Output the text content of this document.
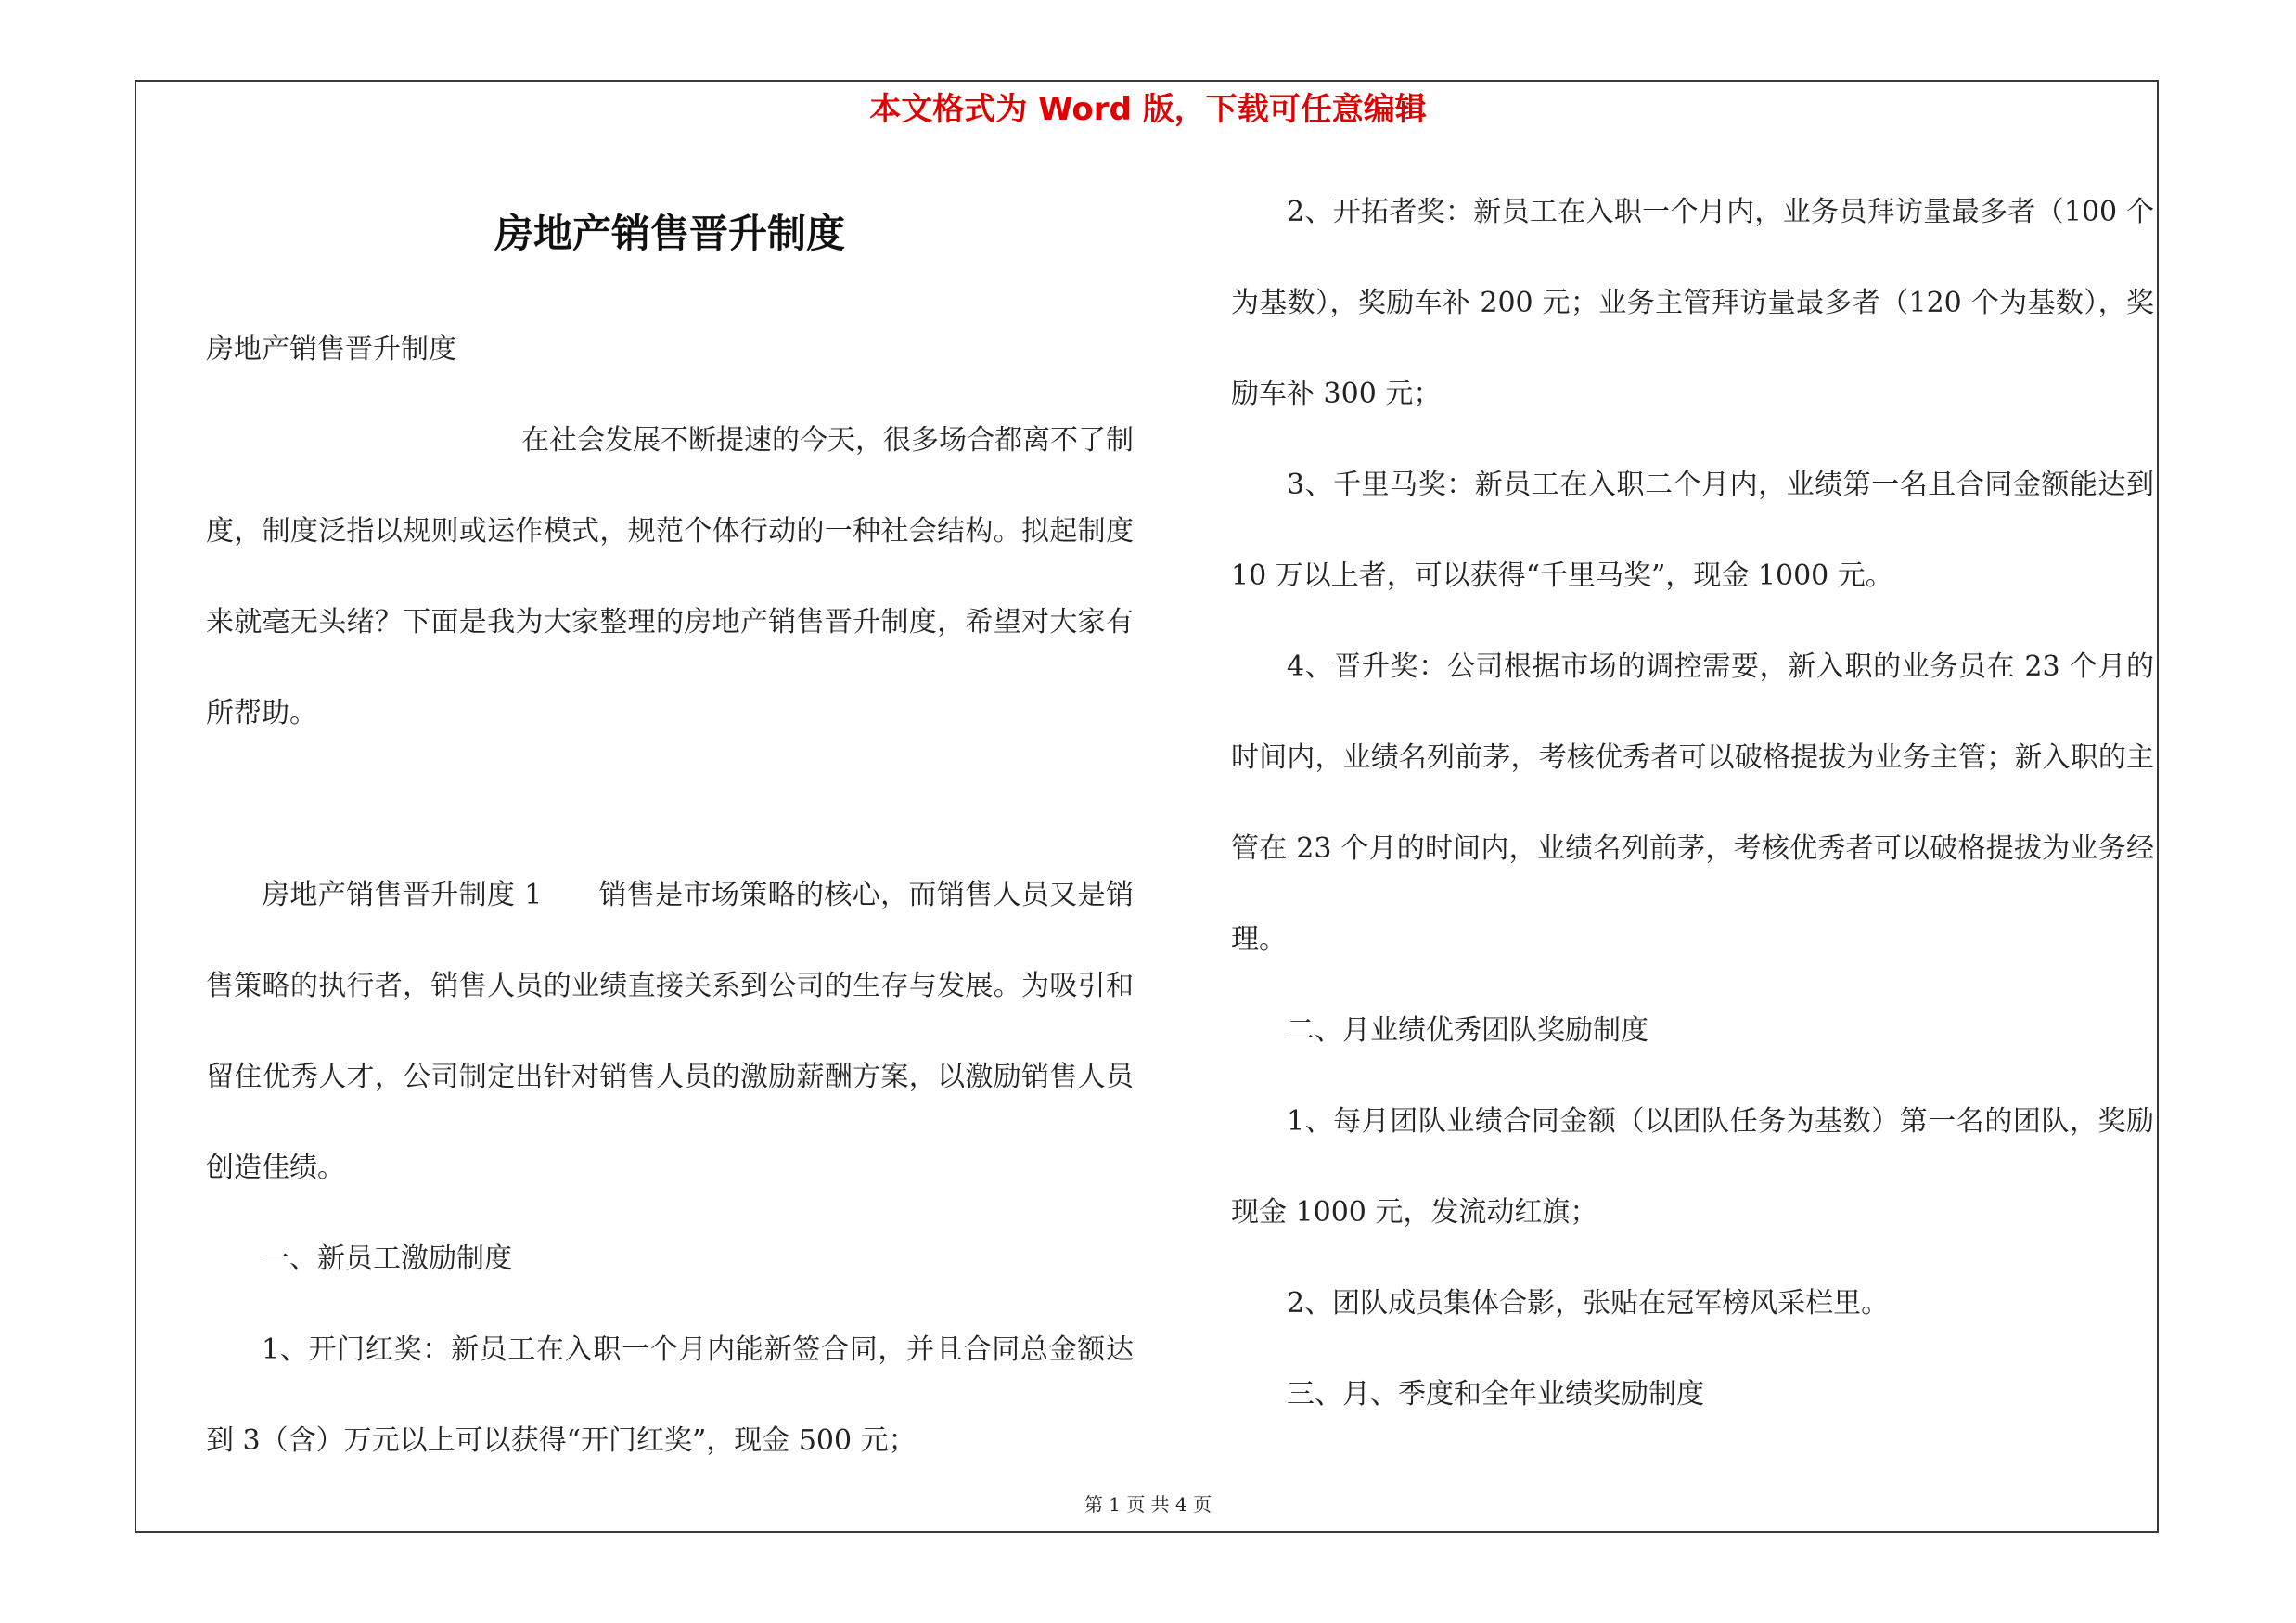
本文格式为 Word 版，下载可任意编辑
房地产销售晋升制度

房地产销售晋升制度

在社会发展不断提速的今天，很多场合都离不了制度，制度泛指以规则或运作模式，规范个体行动的一种社会结构。拟起制度来就毫无头绪？下面是我为大家整理的房地产销售晋升制度，希望对大家有所帮助。

房地产销售晋升制度 1　　销售是市场策略的核心，而销售人员又是销售策略的执行者，销售人员的业绩直接关系到公司的生存与发展。为吸引和留住优秀人才，公司制定出针对销售人员的激励薪酬方案，以激励销售人员创造佳绩。

一、新员工激励制度

1、开门红奖：新员工在入职一个月内能新签合同，并且合同总金额达到 3（含）万元以上可以获得“开门红奖”，现金 500 元；

2、开拓者奖：新员工在入职一个月内，业务员拜访量最多者（100 个为基数），奖励车补 200 元；业务主管拜访量最多者（120 个为基数），奖励车补 300 元；

3、千里马奖：新员工在入职二个月内，业绩第一名且合同金额能达到 10 万以上者，可以获得“千里马奖”，现金 1000 元。

4、晋升奖：公司根据市场的调控需要，新入职的业务员在 23 个月的时间内，业绩名列前茅，考核优秀者可以破格提拔为业务主管；新入职的主管在 23 个月的时间内，业绩名列前茅，考核优秀者可以破格提拔为业务经理。

二、月业绩优秀团队奖励制度

1、每月团队业绩合同金额（以团队任务为基数）第一名的团队，奖励现金 1000 元，发流动红旗；

2、团队成员集体合影，张贴在冠军榜风采栏里。

三、月、季度和全年业绩奖励制度

第 1 页 共 4 页
